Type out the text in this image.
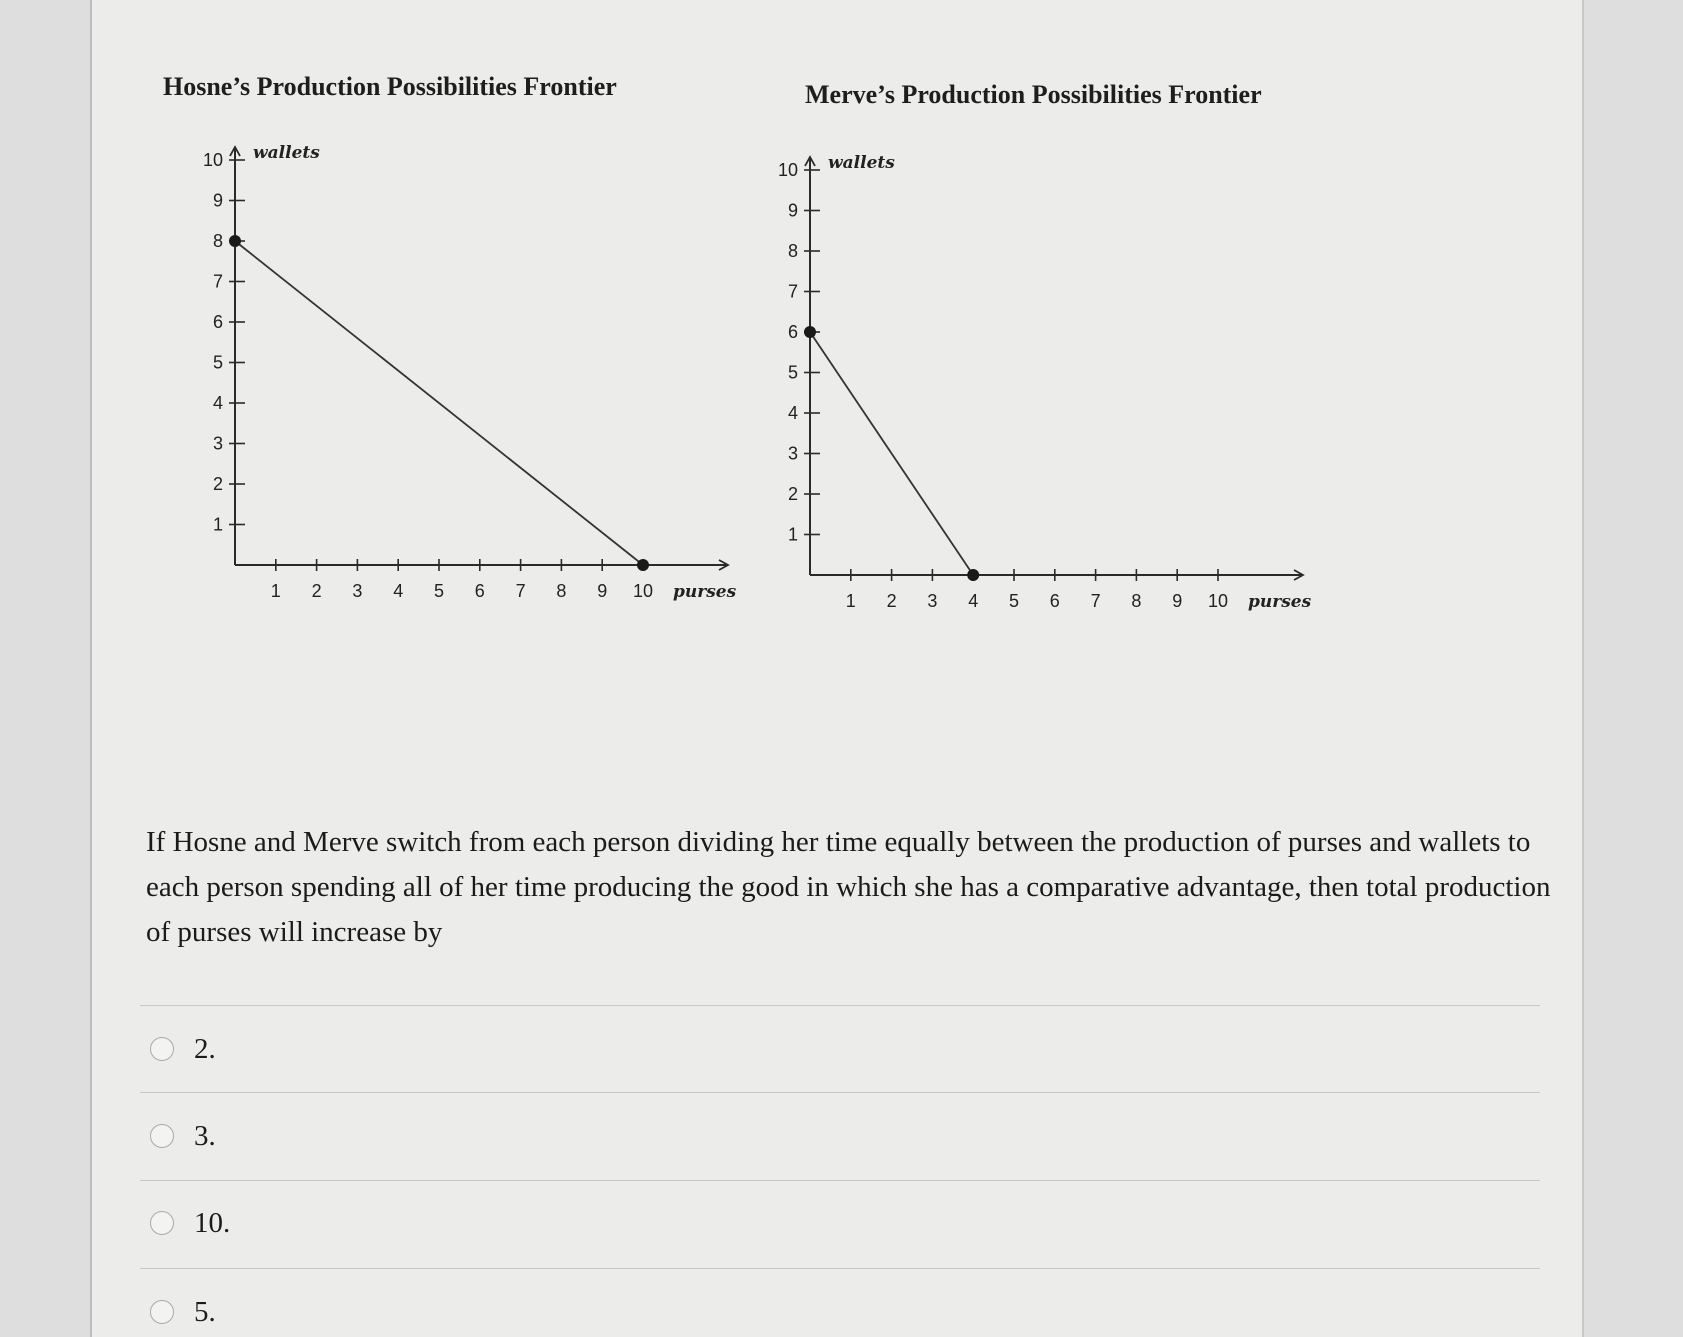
Hosne’s Production Possibilities Frontier	Merve’s Production Possibilities Frontier
1
2
3
4
5
6
7
8
9
10
1 2 3 4 5 6 7 8 9 10
wallets
purses
1
2
3
4
5
6
7
8
9
10
1 2 3 4 5 6 7 8 9 10
wallets
purses
If Hosne and Merve switch from each person dividing her time equally between the production of purses and wallets to each person spending all of her time producing the good in which she has a comparative advantage, then total production of purses will increase by
2.
3.
10.
5.
